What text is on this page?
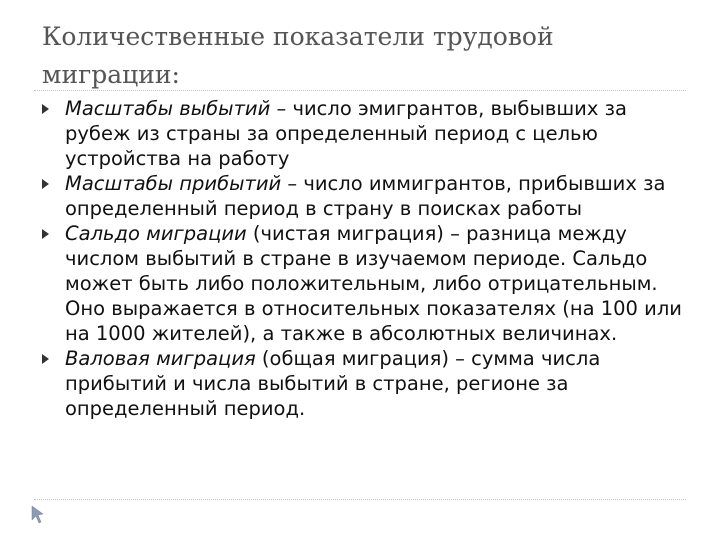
Количественные показатели трудовой миграции:

Масштабы выбытий – число эмигрантов, выбывших за рубеж из страны за определенный период с целью устройства на работу

Масштабы прибытий – число иммигрантов, прибывших за определенный период в страну в поисках работы

Сальдо миграции (чистая миграция) – разница между числом выбытий в стране в изучаемом периоде. Сальдо может быть либо положительным, либо отрицательным. Оно выражается в относительных показателях (на 100 или на 1000 жителей), а также в абсолютных величинах.

Валовая миграция (общая миграция) – сумма числа прибытий и числа выбытий в стране, регионе за определенный период.
